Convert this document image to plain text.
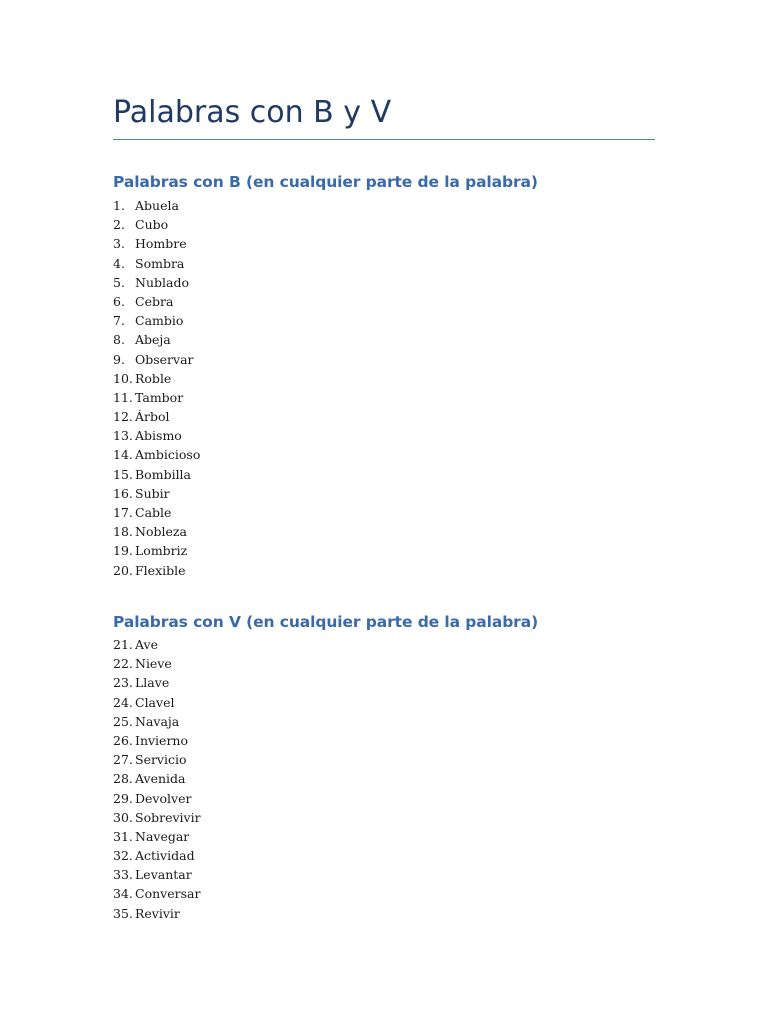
Palabras con B y V
Palabras con B (en cualquier parte de la palabra)
1. Abuela
2. Cubo
3. Hombre
4. Sombra
5. Nublado
6. Cebra
7. Cambio
8. Abeja
9. Observar
10. Roble
11. Tambor
12. Árbol
13. Abismo
14. Ambicioso
15. Bombilla
16. Subir
17. Cable
18. Nobleza
19. Lombriz
20. Flexible
Palabras con V (en cualquier parte de la palabra)
21. Ave
22. Nieve
23. Llave
24. Clavel
25. Navaja
26. Invierno
27. Servicio
28. Avenida
29. Devolver
30. Sobrevivir
31. Navegar
32. Actividad
33. Levantar
34. Conversar
35. Revivir
